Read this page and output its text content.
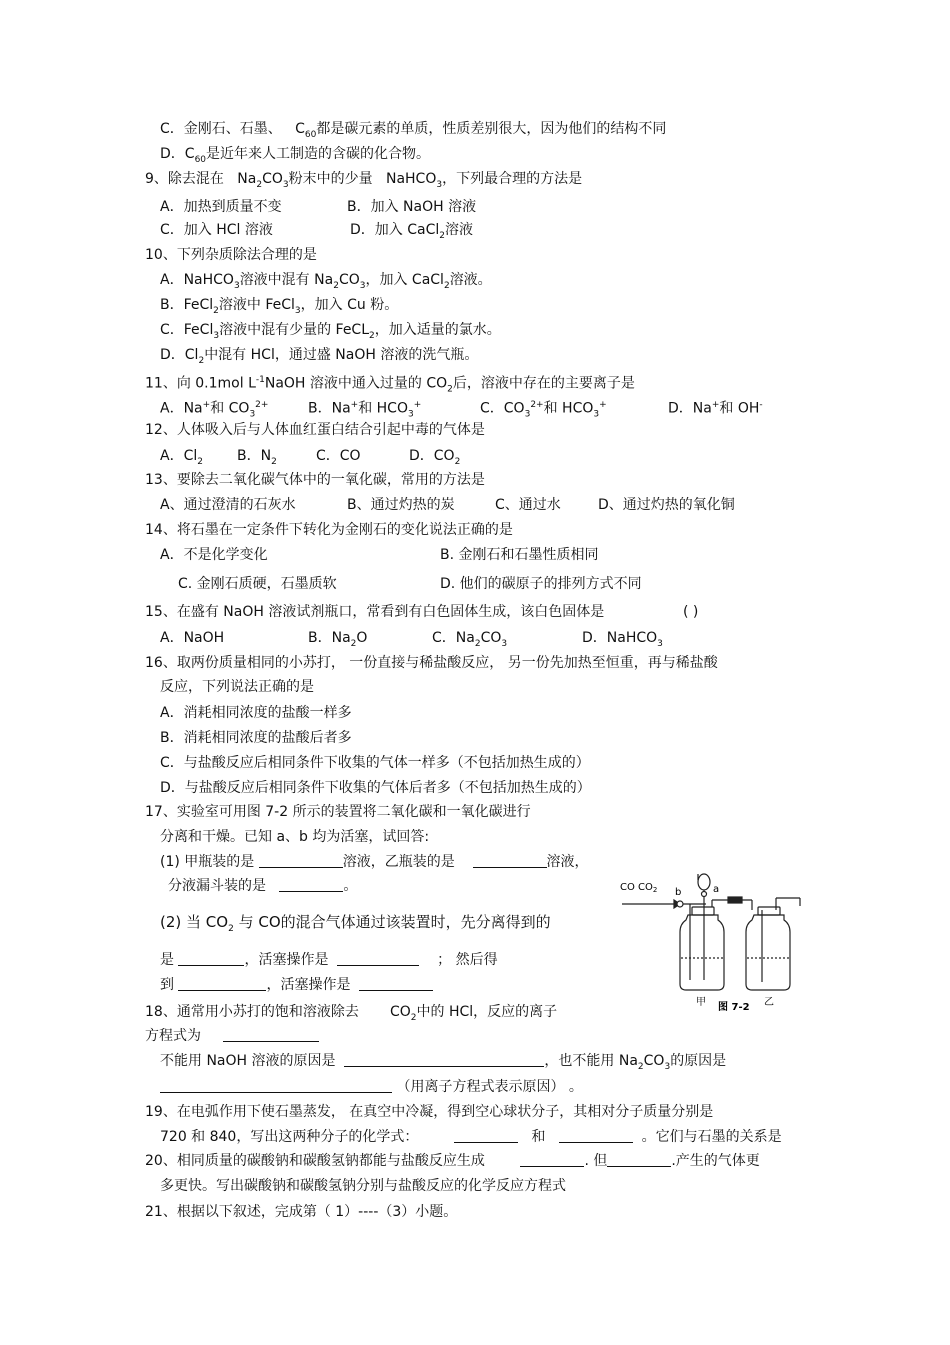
C．金刚石、石墨、 $C_{60}$都是碳元素的单质，性质差别很大，因为他们的结构不同
D．$C_{60}$是近年来人工制造的含碳的化合物。
9、除去混在 $Na_2CO_3$粉末中的少量 NaHCO$_3$，下列最合理的方法是
A．加热到质量不变	B．加入 NaOH 溶液
C．加入 HCl 溶液	D．加入 CaCl$_2$溶液
10、下列杂质除法合理的是
A．NaHCO$_3$溶液中混有 $Na_2CO_3$，加入 CaCl$_2$溶液。
B．FeCl$_2$溶液中 FeCl$_3$，加入 Cu 粉。
C．FeCl$_3$溶液中混有少量的 FeCL$_2$，加入适量的氯水。
D．$Cl_2$中混有 HCl，通过盛 NaOH 溶液的洗气瓶。
11、向 0.1mol $L^{-1}NaOH$ 溶液中通入过量的 $CO_2$后，溶液中存在的主要离子是
A．Na+和 $CO_3^{2+}$	B．Na+和 $HCO_3^+$	C．$CO_3^{2+}$和 $HCO_3^+$	D．Na+和 OH-
12、人体吸入后与人体血红蛋白结合引起中毒的气体是
A．$Cl_2$ B．$N_2$	C．CO	D．$CO_2$
13、要除去二氧化碳气体中的一氧化碳，常用的方法是
A、通过澄清的石灰水	B、通过灼热的炭	C、通过水	D、通过灼热的氧化铜
14、将石墨在一定条件下转化为金刚石的变化说法正确的是
A．不是化学变化	B. 金刚石和石墨性质相同
C. 金刚石质硬，石墨质软	D. 他们的碳原子的排列方式不同
15、在盛有 NaOH 溶液试剂瓶口，常看到有白色固体生成，该白色固体是	( )
A．NaOH	B．$Na_2O$	C．$Na_2CO_3$	D．NaHCO$_3$
16、取两份质量相同的小苏打， 一份直接与稀盐酸反应， 另一份先加热至恒重，再与稀盐酸
反应，下列说法正确的是
A．消耗相同浓度的盐酸一样多
B．消耗相同浓度的盐酸后者多
C．与盐酸反应后相同条件下收集的气体一样多（不包括加热生成的）
D．与盐酸反应后相同条件下收集的气体后者多（不包括加热生成的）
17、实验室可用图 7-2 所示的装置将二氧化碳和一氧化碳进行
分离和干燥。已知 a、b 均为活塞，试回答:
(1) 甲瓶装的是	溶液，乙瓶装的是	溶液，
分液漏斗装的是	。
(2) 当 $CO_2$ 与 CO的混合气体通过该装置时，先分离得到的
是	，活塞操作是	； 然后得
到	，活塞操作是
CO $CO_2$ b	a
甲	乙
图 7-2
18、通常用小苏打的饱和溶液除去 $CO_2$中的 HCl，反应的离子
方程式为
不能用 NaOH 溶液的原因是	，也不能用 $Na_2CO_3$的原因是
（用离子方程式表示原因） 。
19、在电弧作用下使石墨蒸发， 在真空中冷凝，得到空心球状分子，其相对分子质量分别是
720 和 840，写出这两种分子的化学式：	和	。它们与石墨的关系是
20、相同质量的碳酸钠和碳酸氢钠都能与盐酸反应生成	. 但	.产生的气体更
多更快。写出碳酸钠和碳酸氢钠分别与盐酸反应的化学反应方程式
21、根据以下叙述，完成第（ 1）----（3）小题。
